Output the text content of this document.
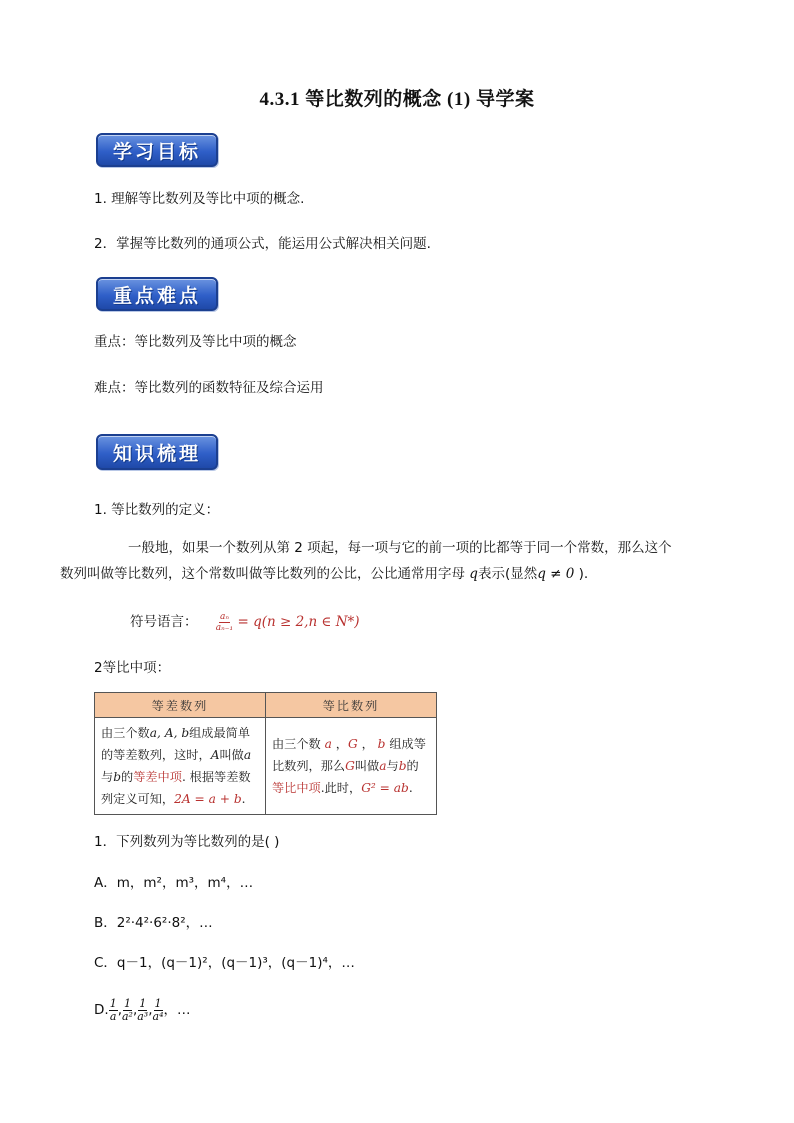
4.3.1 等比数列的概念 (1) 导学案
学习目标
1. 理解等比数列及等比中项的概念.
2．掌握等比数列的通项公式，能运用公式解决相关问题.
重点难点
重点：等比数列及等比中项的概念
难点：等比数列的函数特征及综合运用
知识梳理
1. 等比数列的定义：
一般地，如果一个数列从第 2 项起，每一项与它的前一项的比都等于同一个常数，那么这个
数列叫做等比数列，这个常数叫做等比数列的公比，公比通常用字母 q表示(显然q ≠ 0 ).
符号语言： $\frac{\text{aₙ}}{\text{aₙ₋₁}} = q(n \ge 2,n$ ∈ N*)
2等比中项：
等差数列	等比数列
由三个数a, A, b组成最简单的等差数列，这时，A叫做a与b的等差中项. 根据等差数列定义可知，2A = a + b.	由三个数 a ，G ， b 组成等比数列，那么G叫做a与b的等比中项.此时，G² = ab.
1．下列数列为等比数列的是( )
A．m，m²，m³，m⁴，…
B．2²·4²·6²·8²，…
C．q－1，(q－1)²，(q－1)³，(q－1)⁴，…
D. $\frac{1}{a}$ , $\frac{1}{\text{a²}}$ , $\frac{1}{\text{a³}}$ , $\frac{1}{\text{a⁴}}$ ，…
